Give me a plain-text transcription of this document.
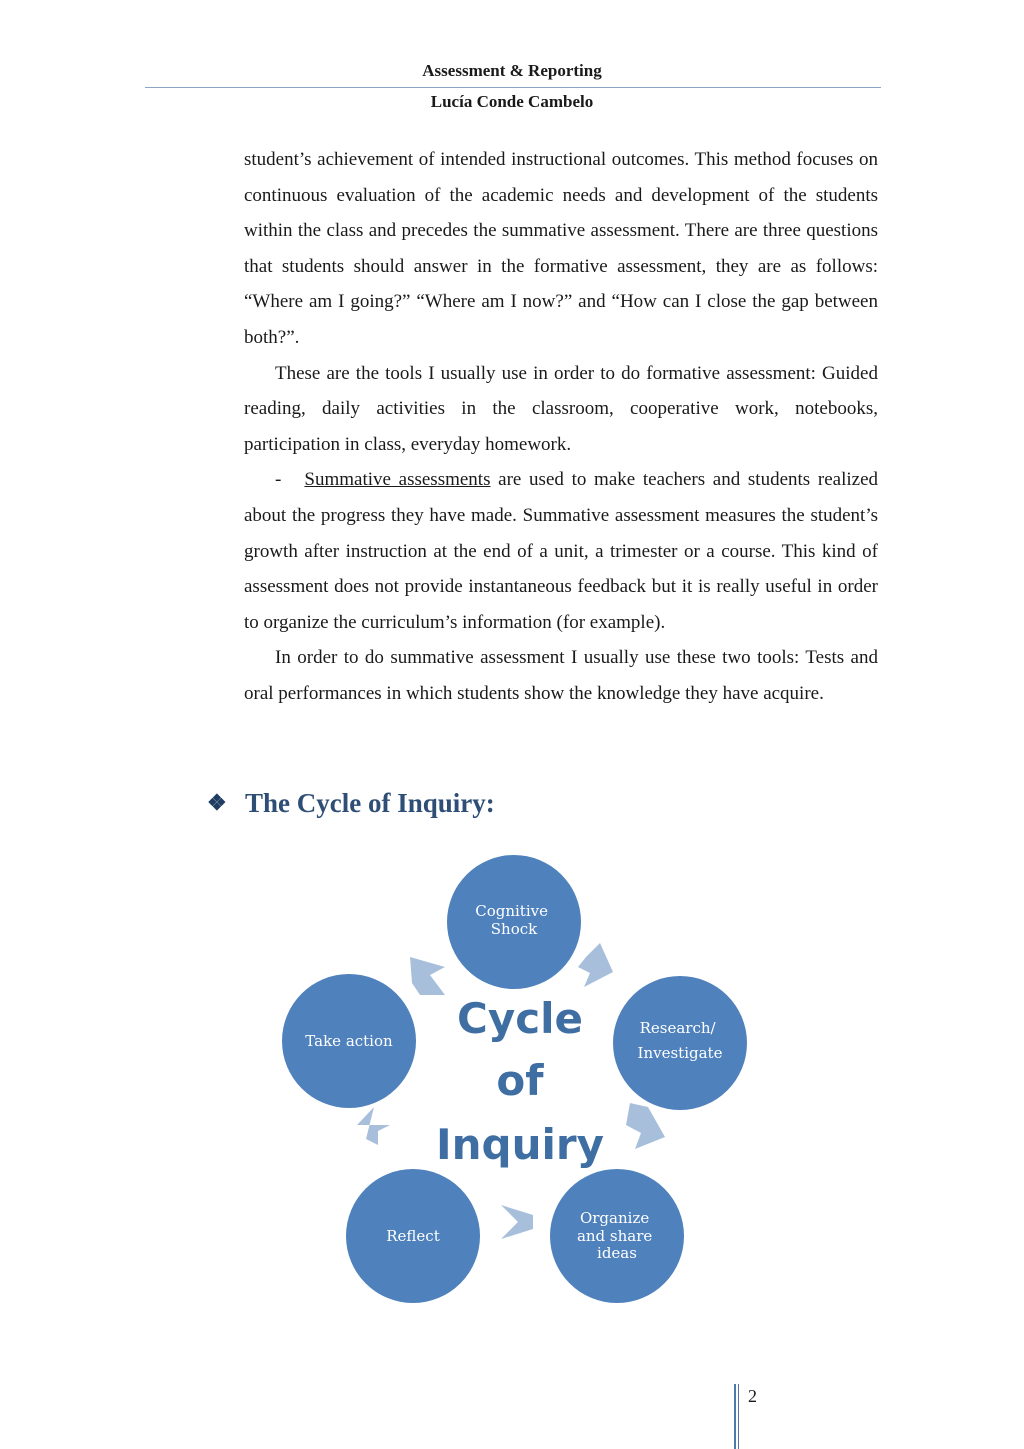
Assessment & Reporting
Lucía Conde Cambelo

student’s achievement of intended instructional outcomes. This method focuses on continuous evaluation of the academic needs and development of the students within the class and precedes the summative assessment. There are three questions that students should answer in the formative assessment, they are as follows: “Where am I going?” “Where am I now?” and “How can I close the gap between both?”.

These are the tools I usually use in order to do formative assessment: Guided reading, daily activities in the classroom, cooperative work, notebooks, participation in class, everyday homework.

- Summative assessments are used to make teachers and students realized about the progress they have made. Summative assessment measures the student’s growth after instruction at the end of a unit, a trimester or a course. This kind of assessment does not provide instantaneous feedback but it is really useful in order to organize the curriculum’s information (for example).

In order to do summative assessment I usually use these two tools: Tests and oral performances in which students show the knowledge they have acquire.

❖ The Cycle of Inquiry:
Cognitive Shock
Research/ Investigate
Organize and share ideas
Reflect
Take action Cycle
of
Inquiry
2
